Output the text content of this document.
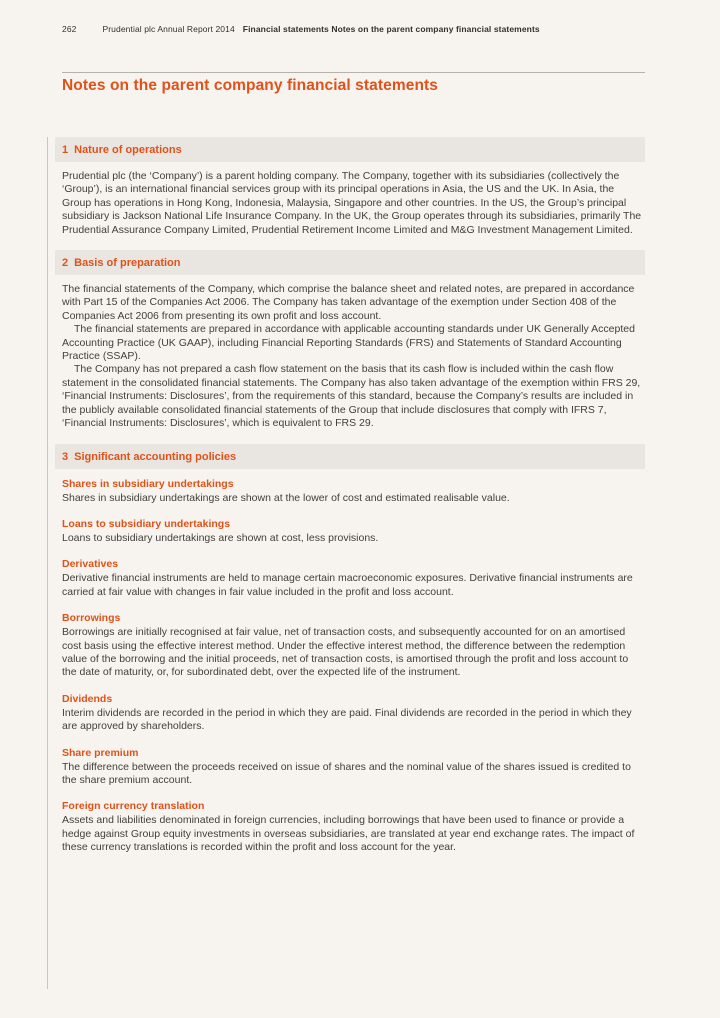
262	Prudential plc Annual Report 2014 Financial statements Notes on the parent company financial statements
Notes on the parent company financial statements
1 Nature of operations

Prudential plc (the ‘Company’) is a parent holding company. The Company, together with its subsidiaries (collectively the ‘Group’), is an international financial services group with its principal operations in Asia, the US and the UK. In Asia, the Group has operations in Hong Kong, Indonesia, Malaysia, Singapore and other countries. In the US, the Group’s principal subsidiary is Jackson National Life Insurance Company. In the UK, the Group operates through its subsidiaries, primarily The Prudential Assurance Company Limited, Prudential Retirement Income Limited and M&G Investment Management Limited.

2 Basis of preparation

The financial statements of the Company, which comprise the balance sheet and related notes, are prepared in accordance with Part 15 of the Companies Act 2006. The Company has taken advantage of the exemption under Section 408 of the Companies Act 2006 from presenting its own profit and loss account.

The financial statements are prepared in accordance with applicable accounting standards under UK Generally Accepted Accounting Practice (UK GAAP), including Financial Reporting Standards (FRS) and Statements of Standard Accounting Practice (SSAP).

The Company has not prepared a cash flow statement on the basis that its cash flow is included within the cash flow statement in the consolidated financial statements. The Company has also taken advantage of the exemption within FRS 29, ‘Financial Instruments: Disclosures’, from the requirements of this standard, because the Company’s results are included in the publicly available consolidated financial statements of the Group that include disclosures that comply with IFRS 7, ‘Financial Instruments: Disclosures’, which is equivalent to FRS 29.

3 Significant accounting policies
Shares in subsidiary undertakings

Shares in subsidiary undertakings are shown at the lower of cost and estimated realisable value.

Loans to subsidiary undertakings

Loans to subsidiary undertakings are shown at cost, less provisions.

Derivatives

Derivative financial instruments are held to manage certain macroeconomic exposures. Derivative financial instruments are carried at fair value with changes in fair value included in the profit and loss account.

Borrowings

Borrowings are initially recognised at fair value, net of transaction costs, and subsequently accounted for on an amortised cost basis using the effective interest method. Under the effective interest method, the difference between the redemption value of the borrowing and the initial proceeds, net of transaction costs, is amortised through the profit and loss account to the date of maturity, or, for subordinated debt, over the expected life of the instrument.

Dividends

Interim dividends are recorded in the period in which they are paid. Final dividends are recorded in the period in which they are approved by shareholders.

Share premium

The difference between the proceeds received on issue of shares and the nominal value of the shares issued is credited to the share premium account.

Foreign currency translation

Assets and liabilities denominated in foreign currencies, including borrowings that have been used to finance or provide a hedge against Group equity investments in overseas subsidiaries, are translated at year end exchange rates. The impact of these currency translations is recorded within the profit and loss account for the year.
